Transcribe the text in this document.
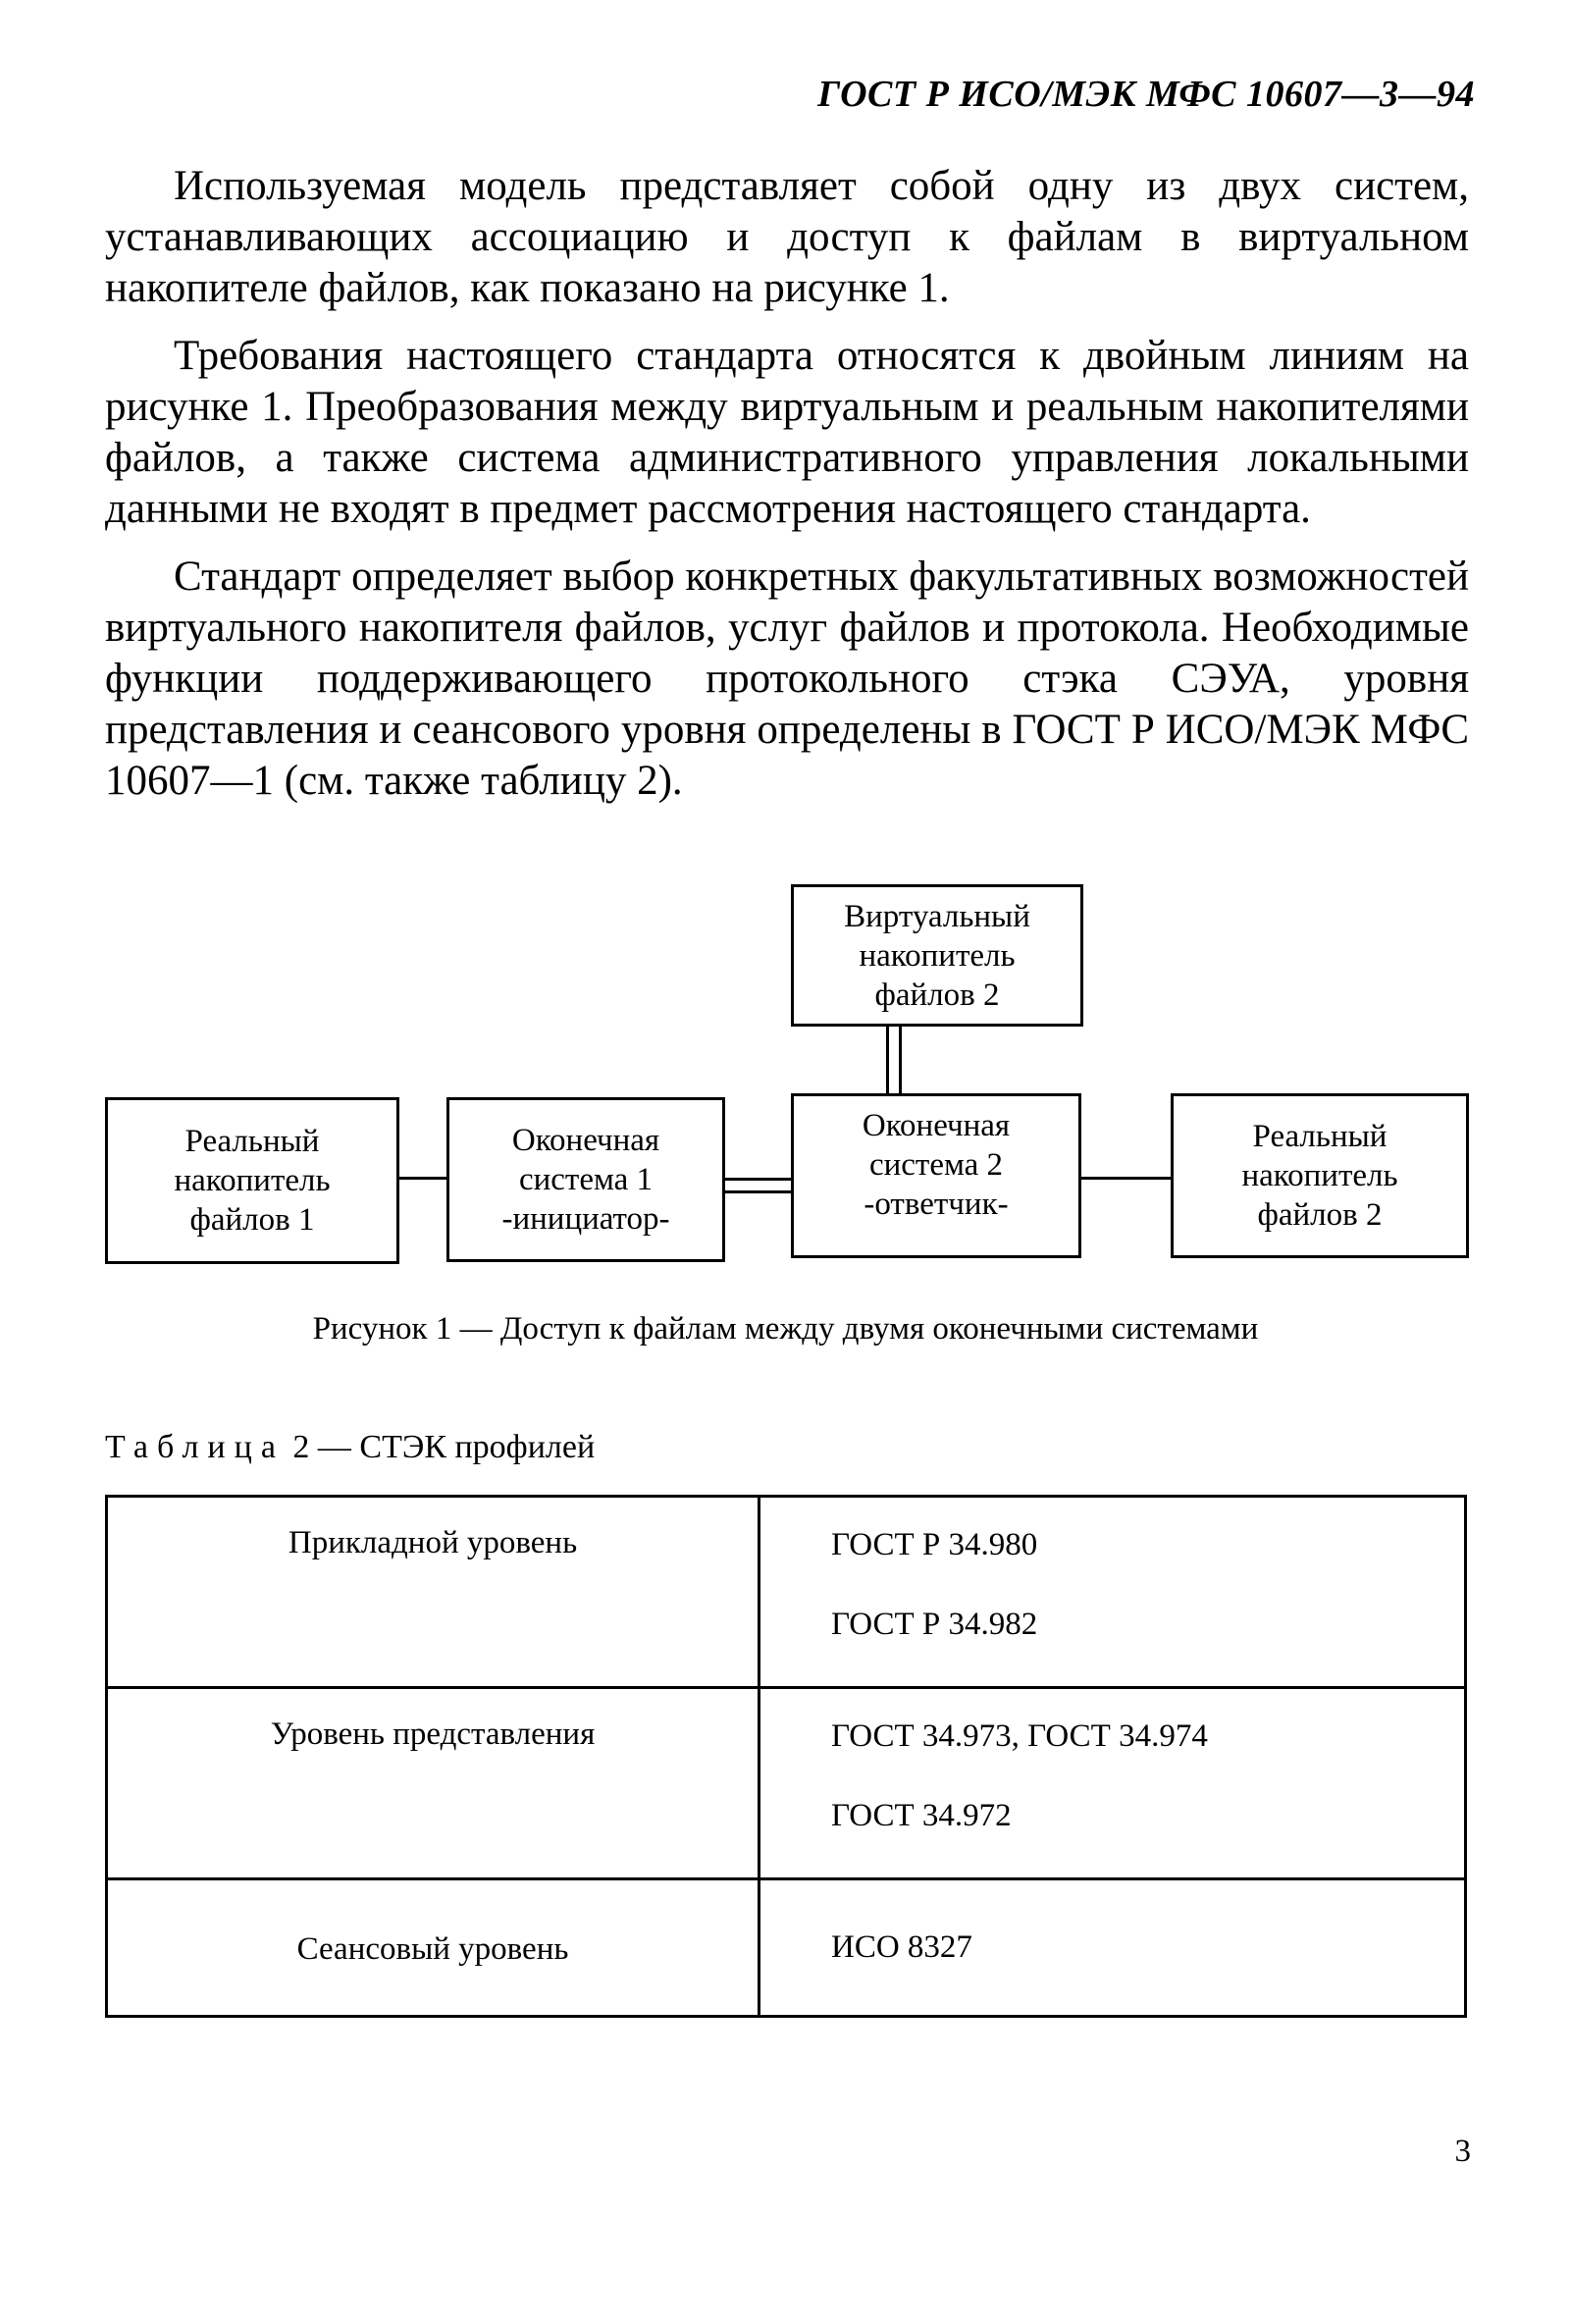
ГОСТ Р ИСО/МЭК МФС 10607—3—94

Используемая модель представляет собой одну из двух систем, устанавливающих ассоциацию и доступ к файлам в виртуальном накопителе файлов, как показано на рисунке 1.

Требования настоящего стандарта относятся к двойным линиям на рисунке 1. Преобразования между виртуальным и реальным накопителями файлов, а также система административного управления локальными данными не входят в предмет рассмотрения настоящего стандарта.

Стандарт определяет выбор конкретных факультативных возможностей виртуального накопителя файлов, услуг файлов и протокола. Необходимые функции поддерживающего протокольного стэка СЭУА, уровня представления и сеансового уровня определены в ГОСТ Р ИСО/МЭК МФС 10607—1 (см. также таблицу 2).

Виртуальный
накопитель
файлов 2
Реальный
накопитель
файлов 1
Оконечная
система 1
-инициатор-
Оконечная
система 2
-ответчик-
Реальный
накопитель
файлов 2
Рисунок 1 — Доступ к файлам между двумя оконечными системами
Таблица 2 — СТЭК профилей
Прикладной уровень	ГОСТ Р 34.980
ГОСТ Р 34.982

Уровень представления	ГОСТ 34.973, ГОСТ 34.974
ГОСТ 34.972

Сеансовый уровень	ИСО 8327
3
